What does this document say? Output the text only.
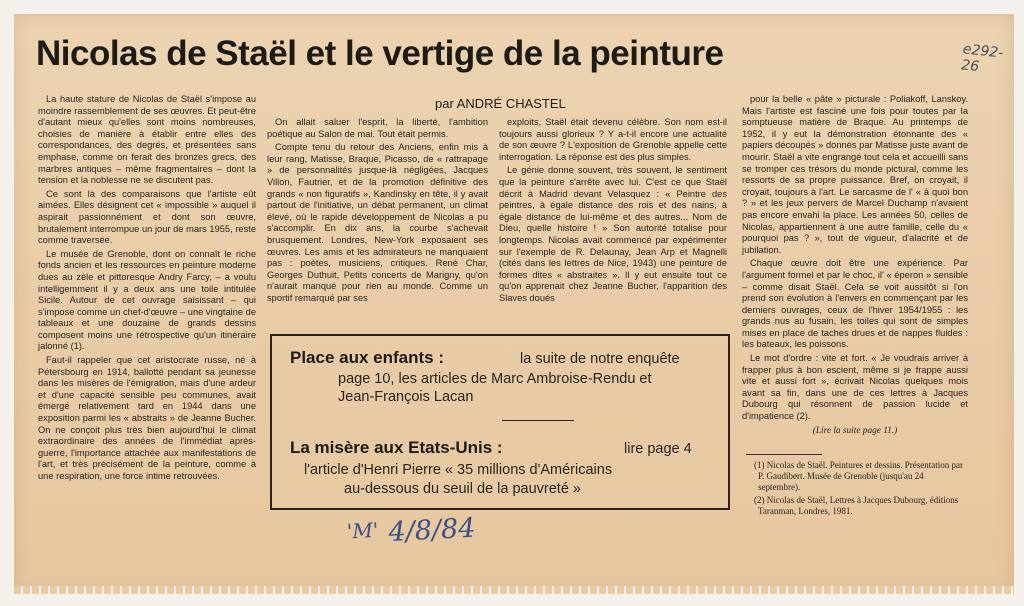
Nicolas de Staël et le vertige de la peinture	e292-26
par ANDRÉ CHASTEL

La haute stature de Nicolas de Staël s'impose au moindre rassemblement de ses œuvres. Et peut-être d'autant mieux qu'elles sont moins nombreuses, choisies de manière à établir entre elles des correspondances, des degrés, et présentées sans emphase, comme on ferait des bronzes grecs, des marbres antiques – même fragmentaires – dont la tension et la noblesse ne se discutent pas.

Ce sont là des comparaisons que l'artiste eût aimées. Elles désignent cet « impossible » auquel il aspirait passionnément et dont son œuvre, brutalement interrompue un jour de mars 1955, reste comme traversée.

Le musée de Grenoble, dont on connaît le riche fonds ancien et les ressources en peinture moderne dues au zèle et pittoresque Andry Farcy, – a voulu intelligemment il y a deux ans une toile intitulée Sicile. Autour de cet ouvrage saisissant – qui s'impose comme un chef-d'œuvre – une vingtaine de tableaux et une douzaine de grands dessins composent moins une rétrospective qu'un itinéraire jalonné (1).

Faut-il rappeler que cet aristocrate russe, né à Pétersbourg en 1914, ballotté pendant sa jeunesse dans les misères de l'émigration, mais d'une ardeur et d'une capacité sensible peu communes, avait émergé relativement tard en 1944 dans une exposition parmi les « abstraits » de Jeanne Bucher. On ne conçoit plus très bien aujourd'hui le climat extraordinaire des années de l'immédiat après-guerre, l'importance attachée aux manifestations de l'art, et très précisément de la peinture, comme à une respiration, une force intime retrouvées.

On allait saluer l'esprit, la liberté, l'ambition poétique au Salon de mai. Tout était permis.

Compte tenu du retour des Anciens, enfin mis à leur rang, Matisse, Braque, Picasso, de « rattrapage » de personnalités jusque-là négligées, Jacques Villon, Fautrier, et de la promotion définitive des grands « non figuratifs », Kandinsky en tête, il y avait partout de l'initiative, un débat permanent, un climat élevé, où le rapide développement de Nicolas a pu s'accomplir. En dix ans, la courbe s'achevait brusquement. Londres, New-York exposaient ses œuvres. Les amis et les admirateurs ne manquaient pas : poètes, musiciens, critiques. René Char, Georges Duthuit, Petits concerts de Marigny, qu'on n'aurait manqué pour rien au monde. Comme un sportif remarqué par ses

exploits, Staël était devenu célèbre. Son nom est-il toujours aussi glorieux ? Y a-t-il encore une actualité de son œuvre ? L'exposition de Grenoble appelle cette interrogation. La réponse est des plus simples.

Le génie donne souvent, très souvent, le sentiment que la peinture s'arrête avec lui. C'est ce que Staël décrit à Madrid devant Velasquez : « Peintre des peintres, à égale distance des rois et des nains, à égale distance de lui-même et des autres... Nom de Dieu, quelle histoire ! » Son autorité totalise pour longtemps. Nicolas avait commencé par expérimenter sur l'exemple de R. Delaunay, Jean Arp et Magnelli (cités dans les lettres de Nice, 1943) une peinture de formes dites « abstraites ». Il y eut ensuite tout ce qu'on apprenait chez Jeanne Bucher, l'apparition des Slaves doués

pour la belle « pâte » picturale : Poliakoff, Lanskoy. Mais l'artiste est fasciné une fois pour toutes par la somptueuse matière de Braque. Au printemps de 1952, il y eut la démonstration étonnante des « papiers découpés » donnés par Matisse juste avant de mourir. Staël a vite engrangé tout cela et accueilli sans se tromper ces trésors du monde pictural, comme les ressorts de sa propre puissance. Bref, on croyait, il croyait, toujours à l'art. Le sarcasme de l' « à quoi bon ? » et les jeux pervers de Marcel Duchamp n'avaient pas encore envahi la place. Les années 50, celles de Nicolas, appartiennent à une autre famille, celle du « pourquoi pas ? », tout de vigueur, d'alacrité et de jubilation.

Chaque œuvre doit être une expérience. Par l'argument formel et par le choc, il' « éperon » sensible – comme disait Staël. Cela se voit aussitôt si l'on prend son évolution à l'envers en commençant par les derniers ouvrages, ceux de l'hiver 1954/1955 : les grands nus au fusain, les toiles qui sont de simples mises en place de taches drues et de nappes fluides : les bateaux, les poissons.

Le mot d'ordre : vite et fort. « Je voudrais arriver à frapper plus à bon escient, même si je frappe aussi vite et aussi fort », écrivait Nicolas quelques mois avant sa fin, dans une de ces lettres à Jacques Dubourg qui résonnent de passion lucide et d'impatience (2).

(Lire la suite page 11.)

(1) Nicolas de Staël. Peintures et dessins. Présentation par P. Gaudibert. Musée de Grenoble (jusqu'au 24 septembre).

(2) Nicolas de Staël, Lettres à Jacques Dubourg, éditions Taranman, Londres, 1981.

Place aux enfants :	la suite de notre enquête
page 10, les articles de Marc Ambroise-Rendu et
Jean-François Lacan
La misère aux Etats-Unis :	lire page 4
l'article d'Henri Pierre « 35 millions d'Américains
au-dessous du seuil de la pauvreté »
$^{'M'}$ 4/8/84
